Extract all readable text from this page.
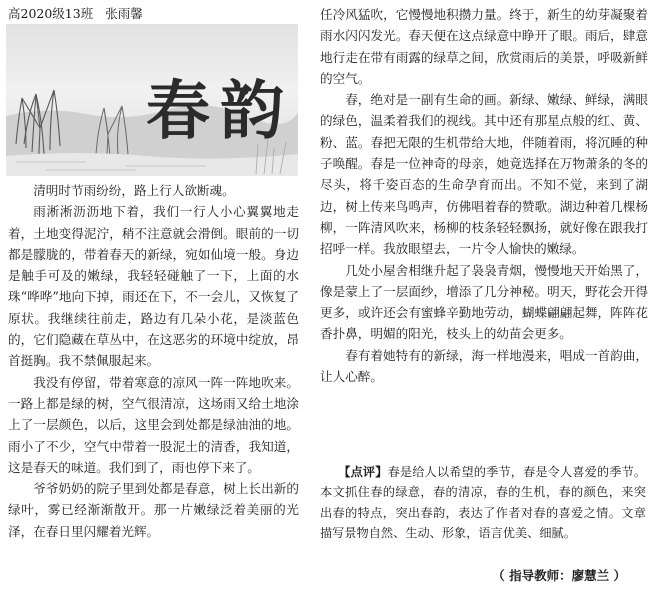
高2020级13班 张雨馨
春韵

清明时节雨纷纷，路上行人欲断魂。

雨淅淅沥沥地下着，我们一行人小心翼翼地走着，土地变得泥泞，稍不注意就会滑倒。眼前的一切都是朦胧的，带着春天的新绿，宛如仙境一般。身边是触手可及的嫩绿，我轻轻碰触了一下，上面的水珠“哗哗”地向下掉，雨还在下，不一会儿，又恢复了原状。我继续往前走，路边有几朵小花，是淡蓝色的，它们隐藏在草丛中，在这恶劣的环境中绽放，昂首挺胸。我不禁佩服起来。

我没有停留，带着寒意的凉风一阵一阵地吹来。一路上都是绿的树，空气很清凉，这场雨又给土地涂上了一层颜色，以后，这里会到处都是绿油油的地。雨小了不少，空气中带着一股泥土的清香，我知道，这是春天的味道。我们到了，雨也停下来了。

爷爷奶奶的院子里到处都是春意，树上长出新的绿叶，雾已经渐渐散开。那一片嫩绿泛着美丽的光泽，在春日里闪耀着光辉。

任冷风猛吹，它慢慢地积攒力量。终于，新生的幼芽凝聚着雨水闪闪发光。春天便在这点绿意中睁开了眼。雨后，肆意地行走在带有雨露的绿草之间，欣赏雨后的美景，呼吸新鲜的空气。

春，绝对是一副有生命的画。新绿、嫩绿、鲜绿，满眼的绿色，温柔着我们的视线。其中还有那星点般的红、黄、粉、蓝。春把无限的生机带给大地，伴随着雨，将沉睡的种子唤醒。春是一位神奇的母亲，她竟选择在万物萧条的冬的尽头，将千姿百态的生命孕育而出。不知不觉，来到了湖边，树上传来鸟鸣声，仿佛唱着春的赞歌。湖边种着几棵杨柳，一阵清风吹来，杨柳的枝条轻轻飘扬，就好像在跟我打招呼一样。我放眼望去，一片令人愉快的嫩绿。

几处小屋舍相继升起了袅袅青烟，慢慢地天开始黑了，像是蒙上了一层面纱，增添了几分神秘。明天，野花会开得更多，或许还会有蜜蜂辛勤地劳动，蝴蝶翩翩起舞，阵阵花香扑鼻，明媚的阳光，枝头上的幼苗会更多。

春有着她特有的新绿，海一样地漫来，唱成一首韵曲，让人心醉。

【点评】春是给人以希望的季节，春是令人喜爱的季节。本文抓住春的绿意，春的清凉，春的生机，春的颜色，来突出春的特点，突出春韵，表达了作者对春的喜爱之情。文章描写景物自然、生动、形象，语言优美、细腻。

（ 指导教师：廖慧兰 ）
